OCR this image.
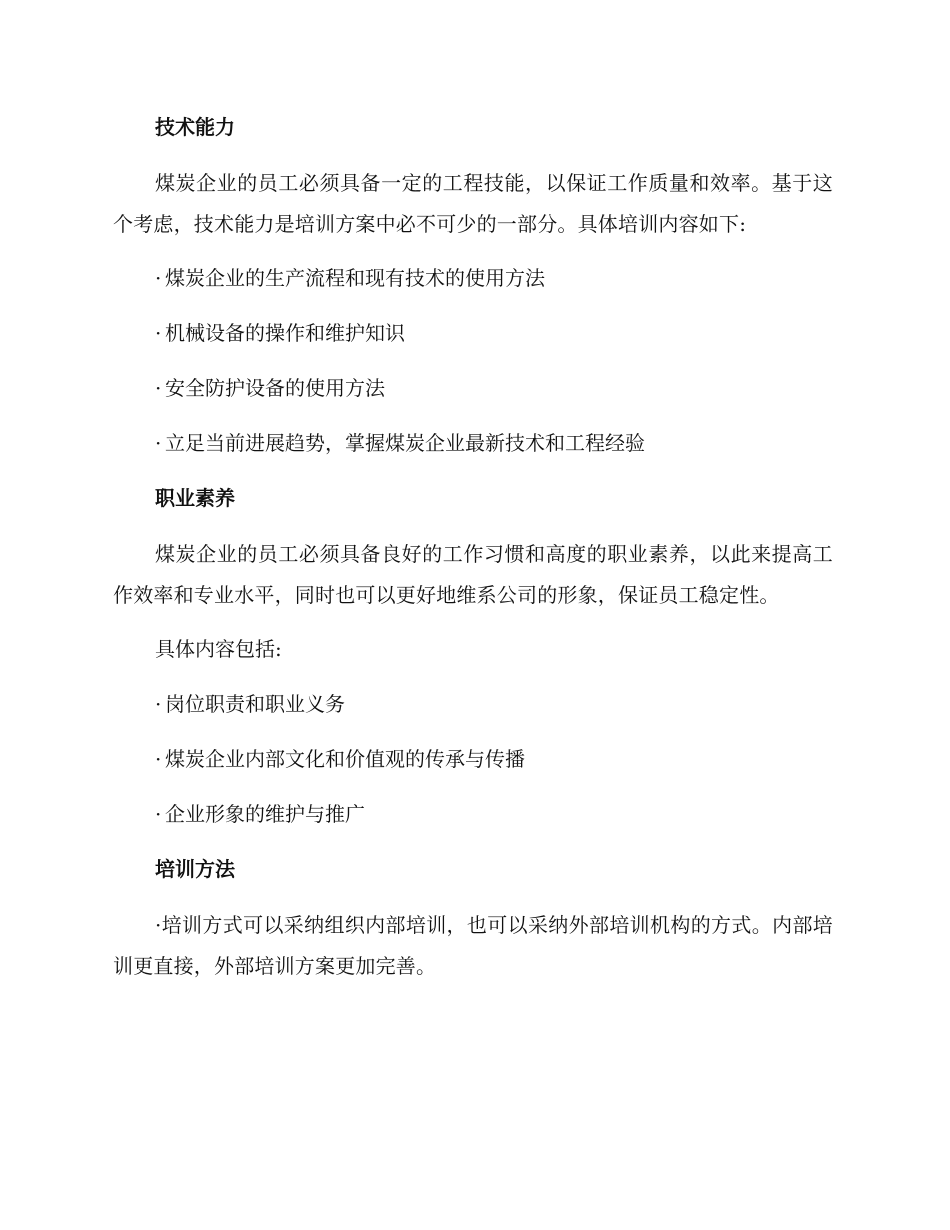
技术能力

煤炭企业的员工必须具备一定的工程技能，以保证工作质量和效率。基于这个考虑，技术能力是培训方案中必不可少的一部分。具体培训内容如下:

· 煤炭企业的生产流程和现有技术的使用方法
· 机械设备的操作和维护知识
· 安全防护设备的使用方法
· 立足当前进展趋势，掌握煤炭企业最新技术和工程经验
职业素养

煤炭企业的员工必须具备良好的工作习惯和高度的职业素养，以此来提高工作效率和专业水平，同时也可以更好地维系公司的形象，保证员工稳定性。

具体内容包括:
· 岗位职责和职业义务
· 煤炭企业内部文化和价值观的传承与传播
· 企业形象的维护与推广
培训方法

·培训方式可以采纳组织内部培训，也可以采纳外部培训机构的方式。内部培训更直接，外部培训方案更加完善。
